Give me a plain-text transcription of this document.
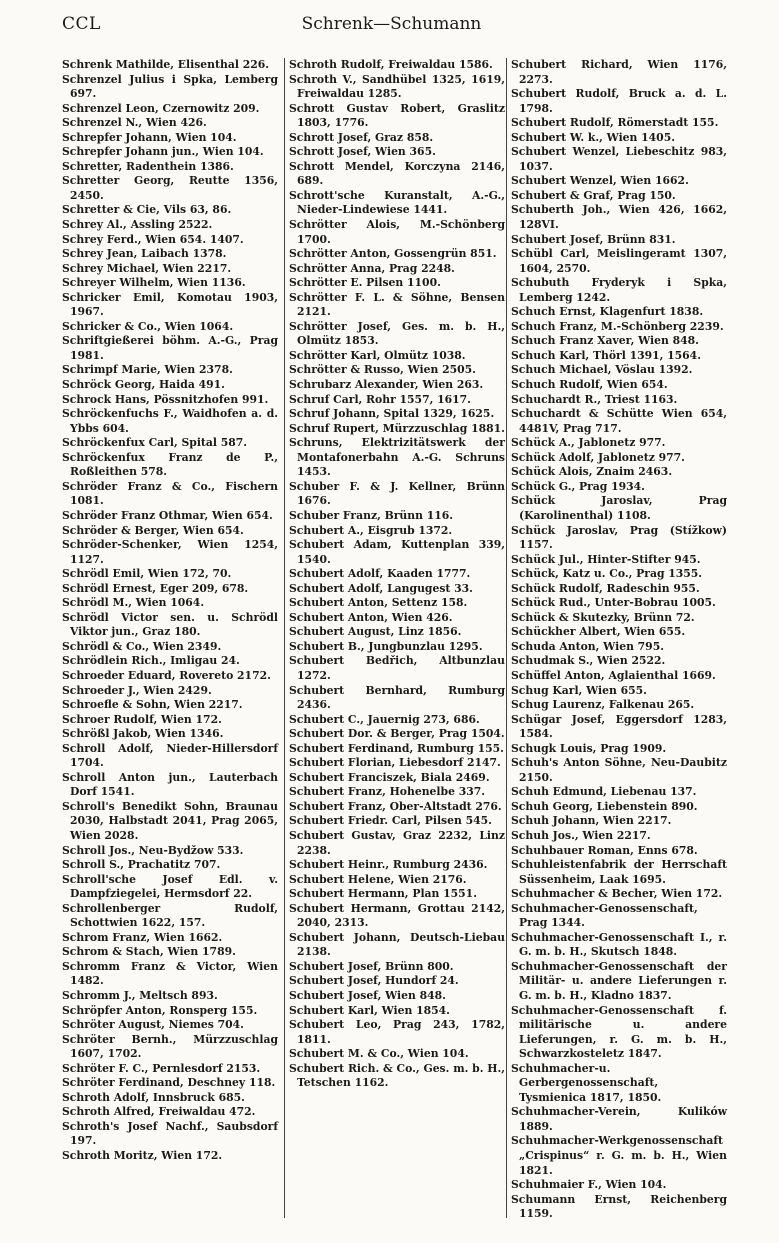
CCL	Schrenk—Schumann
Schrenk Mathilde, Elisenthal 226.
Schrenzel Julius i Spka, Lemberg 697.
Schrenzel Leon, Czernowitz 209.
Schrenzel N., Wien 426.
Schrepfer Johann, Wien 104.
Schrepfer Johann jun., Wien 104.
Schretter, Radenthein 1386.
Schretter Georg, Reutte 1356, 2450.
Schretter & Cie, Vils 63, 86.
Schrey Al., Assling 2522.
Schrey Ferd., Wien 654. 1407.
Schrey Jean, Laibach 1378.
Schrey Michael, Wien 2217.
Schreyer Wilhelm, Wien 1136.
Schricker Emil, Komotau 1903, 1967.
Schricker & Co., Wien 1064.
Schriftgießerei böhm. A.-G., Prag 1981.
Schrimpf Marie, Wien 2378.
Schröck Georg, Haida 491.
Schrock Hans, Pössnitzhofen 991.
Schröckenfuchs F., Waidhofen a. d. Ybbs 604.
Schröckenfux Carl, Spital 587.
Schröckenfux Franz de P., Roßleithen 578.
Schröder Franz & Co., Fischern 1081.
Schröder Franz Othmar, Wien 654.
Schröder & Berger, Wien 654.
Schröder-Schenker, Wien 1254, 1127.
Schrödl Emil, Wien 172, 70.
Schrödl Ernest, Eger 209, 678.
Schrödl M., Wien 1064.
Schrödl Victor sen. u. Schrödl Viktor jun., Graz 180.
Schrödl & Co., Wien 2349.
Schrödlein Rich., Imligau 24.
Schroeder Eduard, Rovereto 2172.
Schroeder J., Wien 2429.
Schroefle & Sohn, Wien 2217.
Schroer Rudolf, Wien 172.
Schrößl Jakob, Wien 1346.
Schroll Adolf, Nieder-Hillersdorf 1704.
Schroll Anton jun., Lauterbach Dorf 1541.
Schroll's Benedikt Sohn, Braunau 2030, Halbstadt 2041, Prag 2065, Wien 2028.
Schroll Jos., Neu-Bydžow 533.
Schroll S., Prachatitz 707.
Schroll'sche Josef Edl. v. Dampfziegelei, Hermsdorf 22.
Schrollenberger Rudolf, Schottwien 1622, 157.
Schrom Franz, Wien 1662.
Schrom & Stach, Wien 1789.
Schromm Franz & Victor, Wien 1482.
Schromm J., Meltsch 893.
Schröpfer Anton, Ronsperg 155.
Schröter August, Niemes 704.
Schröter Bernh., Mürzzuschlag 1607, 1702.
Schröter F. C., Pernlesdorf 2153.
Schröter Ferdinand, Deschney 118.
Schroth Adolf, Innsbruck 685.
Schroth Alfred, Freiwaldau 472.
Schroth's Josef Nachf., Saubsdorf 197.
Schroth Moritz, Wien 172.
Schroth Rudolf, Freiwaldau 1586.
Schroth V., Sandhübel 1325, 1619, Freiwaldau 1285.
Schrott Gustav Robert, Graslitz 1803, 1776.
Schrott Josef, Graz 858.
Schrott Josef, Wien 365.
Schrott Mendel, Korczyna 2146, 689.
Schrott'sche Kuranstalt, A.-G., Nieder-Lindewiese 1441.
Schrötter Alois, M.-Schönberg 1700.
Schrötter Anton, Gossengrün 851.
Schrötter Anna, Prag 2248.
Schrötter E. Pilsen 1100.
Schrötter F. L. & Söhne, Bensen 2121.
Schrötter Josef, Ges. m. b. H., Olmütz 1853.
Schrötter Karl, Olmütz 1038.
Schrötter & Russo, Wien 2505.
Schrubarz Alexander, Wien 263.
Schruf Carl, Rohr 1557, 1617.
Schruf Johann, Spital 1329, 1625.
Schruf Rupert, Mürzzuschlag 1881.
Schruns, Elektrizitätswerk der Montafonerbahn A.-G. Schruns 1453.
Schuber F. & J. Kellner, Brünn 1676.
Schuber Franz, Brünn 116.
Schubert A., Eisgrub 1372.
Schubert Adam, Kuttenplan 339, 1540.
Schubert Adolf, Kaaden 1777.
Schubert Adolf, Langugest 33.
Schubert Anton, Settenz 158.
Schubert Anton, Wien 426.
Schubert August, Linz 1856.
Schubert B., Jungbunzlau 1295.
Schubert Bedřich, Altbunzlau 1272.
Schubert Bernhard, Rumburg 2436.
Schubert C., Jauernig 273, 686.
Schubert Dor. & Berger, Prag 1504.
Schubert Ferdinand, Rumburg 155.
Schubert Florian, Liebesdorf 2147.
Schubert Franciszek, Biala 2469.
Schubert Franz, Hohenelbe 337.
Schubert Franz, Ober-Altstadt 276.
Schubert Friedr. Carl, Pilsen 545.
Schubert Gustav, Graz 2232, Linz 2238.
Schubert Heinr., Rumburg 2436.
Schubert Helene, Wien 2176.
Schubert Hermann, Plan 1551.
Schubert Hermann, Grottau 2142, 2040, 2313.
Schubert Johann, Deutsch-Liebau 2138.
Schubert Josef, Brünn 800.
Schubert Josef, Hundorf 24.
Schubert Josef, Wien 848.
Schubert Karl, Wien 1854.
Schubert Leo, Prag 243, 1782, 1811.
Schubert M. & Co., Wien 104.
Schubert Rich. & Co., Ges. m. b. H., Tetschen 1162.
Schubert Richard, Wien 1176, 2273.
Schubert Rudolf, Bruck a. d. L. 1798.
Schubert Rudolf, Römerstadt 155.
Schubert W. k., Wien 1405.
Schubert Wenzel, Liebeschitz 983, 1037.
Schubert Wenzel, Wien 1662.
Schubert & Graf, Prag 150.
Schuberth Joh., Wien 426, 1662, 128VI.
Schubert Josef, Brünn 831.
Schübl Carl, Meislingeramt 1307, 1604, 2570.
Schubuth Fryderyk i Spka, Lemberg 1242.
Schuch Ernst, Klagenfurt 1838.
Schuch Franz, M.-Schönberg 2239.
Schuch Franz Xaver, Wien 848.
Schuch Karl, Thörl 1391, 1564.
Schuch Michael, Vöslau 1392.
Schuch Rudolf, Wien 654.
Schuchardt R., Triest 1163.
Schuchardt & Schütte Wien 654, 4481V, Prag 717.
Schück A., Jablonetz 977.
Schück Adolf, Jablonetz 977.
Schück Alois, Znaim 2463.
Schück G., Prag 1934.
Schück Jaroslav, Prag (Karolinenthal) 1108.
Schück Jaroslav, Prag (Stížkow) 1157.
Schück Jul., Hinter-Stifter 945.
Schück, Katz u. Co., Prag 1355.
Schück Rudolf, Radeschin 955.
Schück Rud., Unter-Bobrau 1005.
Schück & Skutezky, Brünn 72.
Schückher Albert, Wien 655.
Schuda Anton, Wien 795.
Schudmak S., Wien 2522.
Schüffel Anton, Aglaienthal 1669.
Schug Karl, Wien 655.
Schug Laurenz, Falkenau 265.
Schügar Josef, Eggersdorf 1283, 1584.
Schugk Louis, Prag 1909.
Schuh's Anton Söhne, Neu-Daubitz 2150.
Schuh Edmund, Liebenau 137.
Schuh Georg, Liebenstein 890.
Schuh Johann, Wien 2217.
Schuh Jos., Wien 2217.
Schuhbauer Roman, Enns 678.
Schuhleistenfabrik der Herrschaft Süssenheim, Laak 1695.
Schuhmacher & Becher, Wien 172.
Schuhmacher-Genossenschaft, Prag 1344.
Schuhmacher-Genossenschaft I., r. G. m. b. H., Skutsch 1848.
Schuhmacher-Genossenschaft der Militär- u. andere Lieferungen r. G. m. b. H., Kladno 1837.
Schuhmacher-Genossenschaft f. militärische u. andere Lieferungen, r. G. m. b. H., Schwarzkosteletz 1847.
Schuhmacher-u. Gerbergenossenschaft, Tysmienica 1817, 1850.
Schuhmacher-Verein, Kulików 1889.
Schuhmacher-Werkgenossenschaft „Crispinus“ r. G. m. b. H., Wien 1821.
Schuhmaier F., Wien 104.
Schumann Ernst, Reichenberg 1159.
